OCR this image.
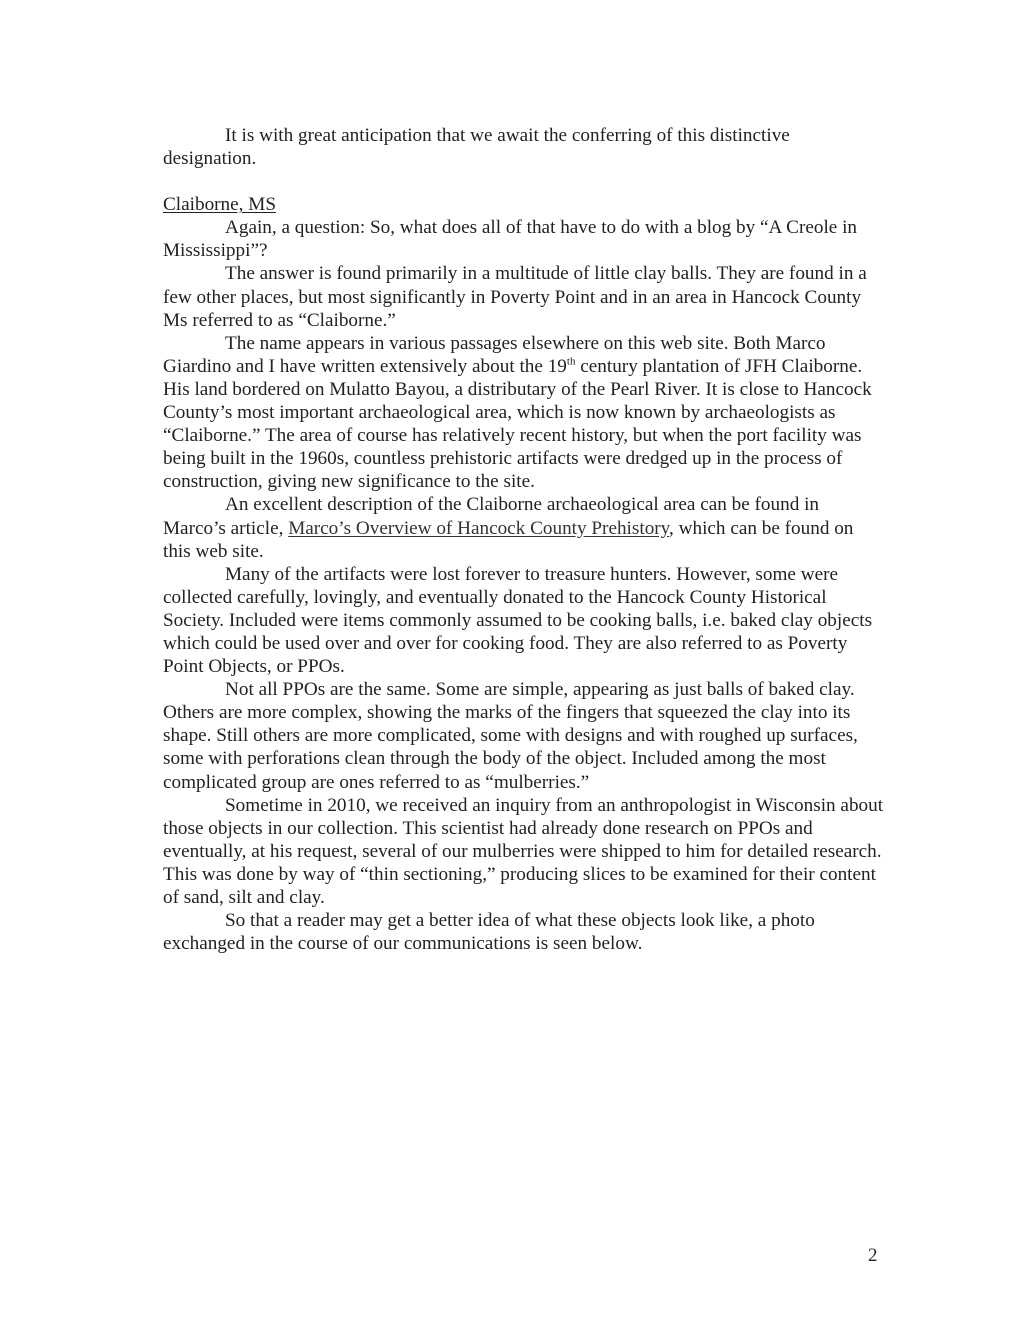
It is with great anticipation that we await the conferring of this distinctive designation.

Claiborne, MS

Again, a question: So, what does all of that have to do with a blog by “A Creole in Mississippi”?

The answer is found primarily in a multitude of little clay balls. They are found in a few other places, but most significantly in Poverty Point and in an area in Hancock County Ms referred to as “Claiborne.”

The name appears in various passages elsewhere on this web site. Both Marco Giardino and I have written extensively about the 19th century plantation of JFH Claiborne. His land bordered on Mulatto Bayou, a distributary of the Pearl River. It is close to Hancock County’s most important archaeological area, which is now known by archaeologists as “Claiborne.” The area of course has relatively recent history, but when the port facility was being built in the 1960s, countless prehistoric artifacts were dredged up in the process of construction, giving new significance to the site.

An excellent description of the Claiborne archaeological area can be found in Marco’s article, Marco’s Overview of Hancock County Prehistory, which can be found on this web site.

Many of the artifacts were lost forever to treasure hunters. However, some were collected carefully, lovingly, and eventually donated to the Hancock County Historical Society. Included were items commonly assumed to be cooking balls, i.e. baked clay objects which could be used over and over for cooking food. They are also referred to as Poverty Point Objects, or PPOs.

Not all PPOs are the same. Some are simple, appearing as just balls of baked clay. Others are more complex, showing the marks of the fingers that squeezed the clay into its shape. Still others are more complicated, some with designs and with roughed up surfaces, some with perforations clean through the body of the object. Included among the most complicated group are ones referred to as “mulberries.”

Sometime in 2010, we received an inquiry from an anthropologist in Wisconsin about those objects in our collection. This scientist had already done research on PPOs and eventually, at his request, several of our mulberries were shipped to him for detailed research. This was done by way of “thin sectioning,” producing slices to be examined for their content of sand, silt and clay.

So that a reader may get a better idea of what these objects look like, a photo exchanged in the course of our communications is seen below.

2
